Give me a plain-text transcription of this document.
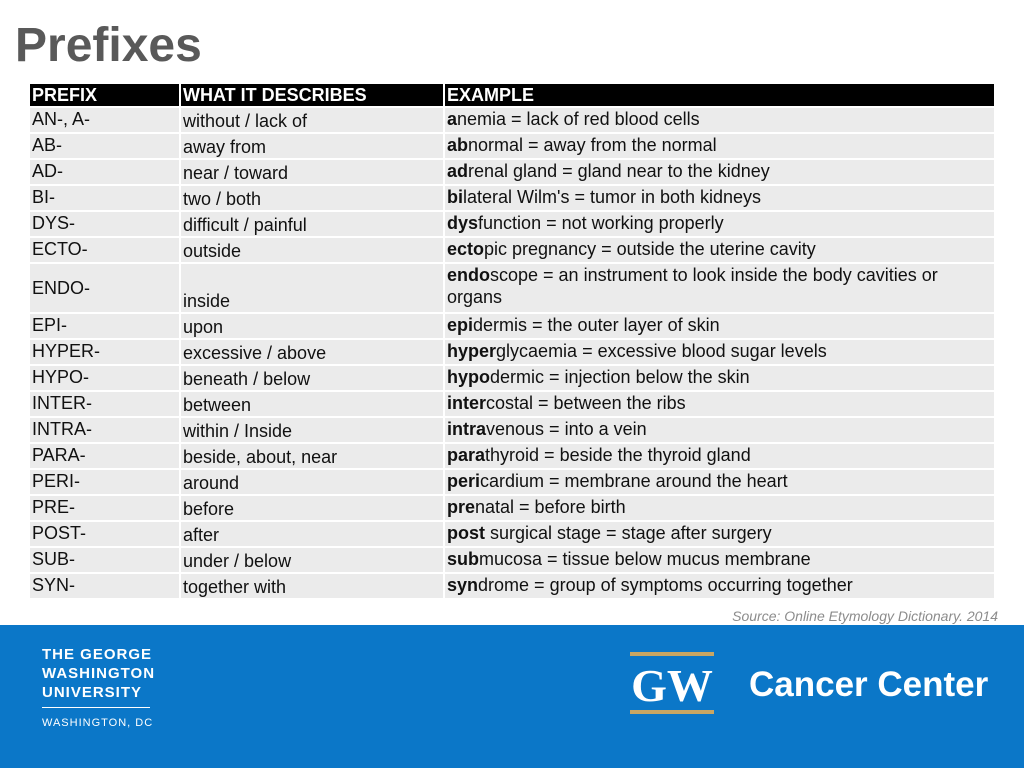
Prefixes
PREFIX	WHAT IT DESCRIBES	EXAMPLE
AN-, A-	without / lack of	anemia = lack of red blood cells
AB-	away from	abnormal = away from the normal
AD-	near / toward	adrenal gland = gland near to the kidney
BI-	two / both	bilateral Wilm's = tumor in both kidneys
DYS-	difficult / painful	dysfunction = not working properly
ECTO-	outside	ectopic pregnancy = outside the uterine cavity
ENDO-	inside	endoscope = an instrument to look inside the body cavities or organs
EPI-	upon	epidermis = the outer layer of skin
HYPER-	excessive / above	hyperglycaemia = excessive blood sugar levels
HYPO-	beneath / below	hypodermic = injection below the skin
INTER-	between	intercostal = between the ribs
INTRA-	within / Inside	intravenous = into a vein
PARA-	beside, about, near	parathyroid = beside the thyroid gland
PERI-	around	pericardium = membrane around the heart
PRE-	before	prenatal = before birth
POST-	after	post surgical stage = stage after surgery
SUB-	under / below	submucosa = tissue below mucus membrane
SYN-	together with	syndrome = group of symptoms occurring together
Source: Online Etymology Dictionary. 2014
THE GEORGE
WASHINGTON
UNIVERSITY
WASHINGTON, DC
GW Cancer Center
